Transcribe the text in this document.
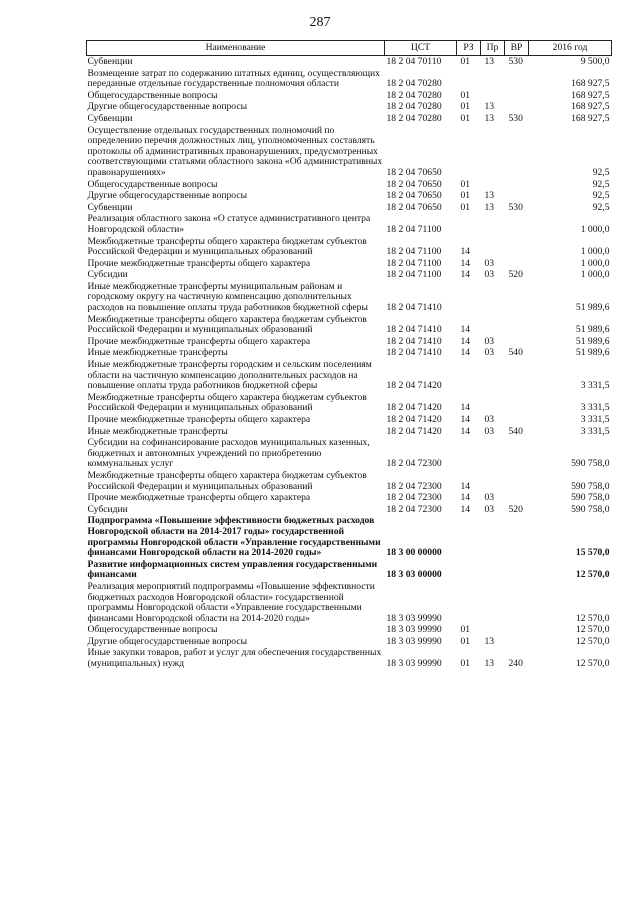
287
Наименование	ЦСТ	РЗ	Пр	ВР	2016 год
Субвенции	18 2 04 70110	01	13	530	9 500,0
Возмещение затрат по содержанию штатных единиц, осуществляющих переданные отдельные государственные полномочия области	18 2 04 70280				168 927,5
Общегосударственные вопросы	18 2 04 70280	01			168 927,5
Другие общегосударственные вопросы	18 2 04 70280	01	13		168 927,5
Субвенции	18 2 04 70280	01	13	530	168 927,5
Осуществление отдельных государственных полномочий по определению перечня должностных лиц, уполномоченных составлять протоколы об административных правонарушениях, предусмотренных соответствующими статьями областного закона «Об административных правонарушениях»	18 2 04 70650				92,5
Общегосударственные вопросы	18 2 04 70650	01			92,5
Другие общегосударственные вопросы	18 2 04 70650	01	13		92,5
Субвенции	18 2 04 70650	01	13	530	92,5
Реализация областного закона «О статусе административного центра Новгородской области»	18 2 04 71100				1 000,0
Межбюджетные трансферты общего характера бюджетам субъектов Российской Федерации и муниципальных образований	18 2 04 71100	14			1 000,0
Прочие межбюджетные трансферты общего характера	18 2 04 71100	14	03		1 000,0
Субсидии	18 2 04 71100	14	03	520	1 000,0
Иные межбюджетные трансферты муниципальным районам и городскому округу на частичную компенсацию дополнительных расходов на повышение оплаты труда работников бюджетной сферы	18 2 04 71410				51 989,6
Межбюджетные трансферты общего характера бюджетам субъектов Российской Федерации и муниципальных образований	18 2 04 71410	14			51 989,6
Прочие межбюджетные трансферты общего характера	18 2 04 71410	14	03		51 989,6
Иные межбюджетные трансферты	18 2 04 71410	14	03	540	51 989,6
Иные межбюджетные трансферты городским и сельским поселениям области на частичную компенсацию дополнительных расходов на повышение оплаты труда работников бюджетной сферы	18 2 04 71420				3 331,5
Межбюджетные трансферты общего характера бюджетам субъектов Российской Федерации и муниципальных образований	18 2 04 71420	14			3 331,5
Прочие межбюджетные трансферты общего характера	18 2 04 71420	14	03		3 331,5
Иные межбюджетные трансферты	18 2 04 71420	14	03	540	3 331,5
Субсидии на софинансирование расходов муниципальных казенных, бюджетных и автономных учреждений по приобретению коммунальных услуг	18 2 04 72300				590 758,0
Межбюджетные трансферты общего характера бюджетам субъектов Российской Федерации и муниципальных образований	18 2 04 72300	14			590 758,0
Прочие межбюджетные трансферты общего характера	18 2 04 72300	14	03		590 758,0
Субсидии	18 2 04 72300	14	03	520	590 758,0
Подпрограмма «Повышение эффективности бюджетных расходов Новгородской области на 2014-2017 годы» государственной программы Новгородской области «Управление государственными финансами Новгородской области на 2014-2020 годы»	18 3 00 00000				15 570,0
Развитие информационных систем управления государственными финансами	18 3 03 00000				12 570,0
Реализация мероприятий подпрограммы «Повышение эффективности бюджетных расходов Новгородской области» государственной программы Новгородской области «Управление государственными финансами Новгородской области на 2014-2020 годы»	18 3 03 99990				12 570,0
Общегосударственные вопросы	18 3 03 99990	01			12 570,0
Другие общегосударственные вопросы	18 3 03 99990	01	13		12 570,0
Иные закупки товаров, работ и услуг для обеспечения государственных (муниципальных) нужд	18 3 03 99990	01	13	240	12 570,0
